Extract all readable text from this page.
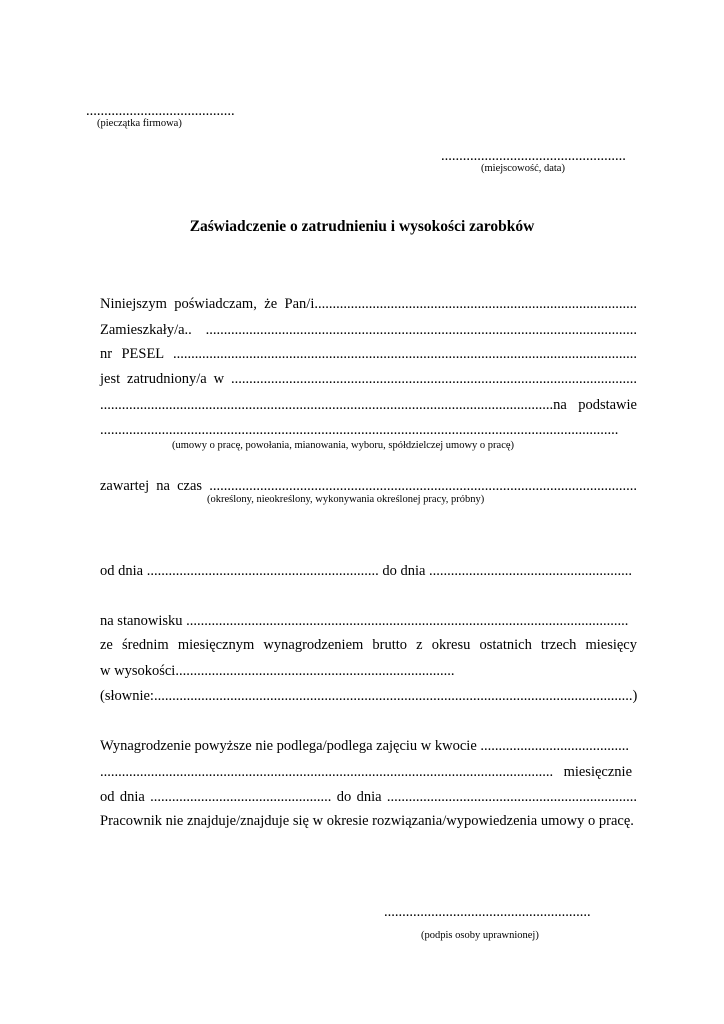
.........................................
(pieczątka firmowa)
...................................................
(miejscowość, data)
Zaświadczenie o zatrudnieniu i wysokości zarobków
Niniejszym poświadczam, że Pan/i.........................................................................................
Zamieszkały/a.. .......................................................................................................................
nr PESEL ................................................................................................................................
jest zatrudniony/a w ................................................................................................................
.............................................................................................................................na podstawie
...............................................................................................................................................
(umowy o pracę, powołania, mianowania, wyboru, spółdzielczej umowy o pracę)
zawartej na czas ......................................................................................................................
(określony, nieokreślony, wykonywania określonej pracy, próbny)
od dnia ................................................................ do dnia ........................................................
na stanowisku ..........................................................................................................................
ze średnim miesięcznym wynagrodzeniem brutto z okresu ostatnich trzech miesięcy
w wysokości.............................................................................
(słownie:....................................................................................................................................)
Wynagrodzenie powyższe nie podlega/podlega zajęciu w kwocie .........................................
............................................................................................................................. miesięcznie
od dnia .................................................. do dnia .....................................................................
Pracownik nie znajduje/znajduje się w okresie rozwiązania/wypowiedzenia umowy o pracę.
.........................................................
(podpis osoby uprawnionej)
